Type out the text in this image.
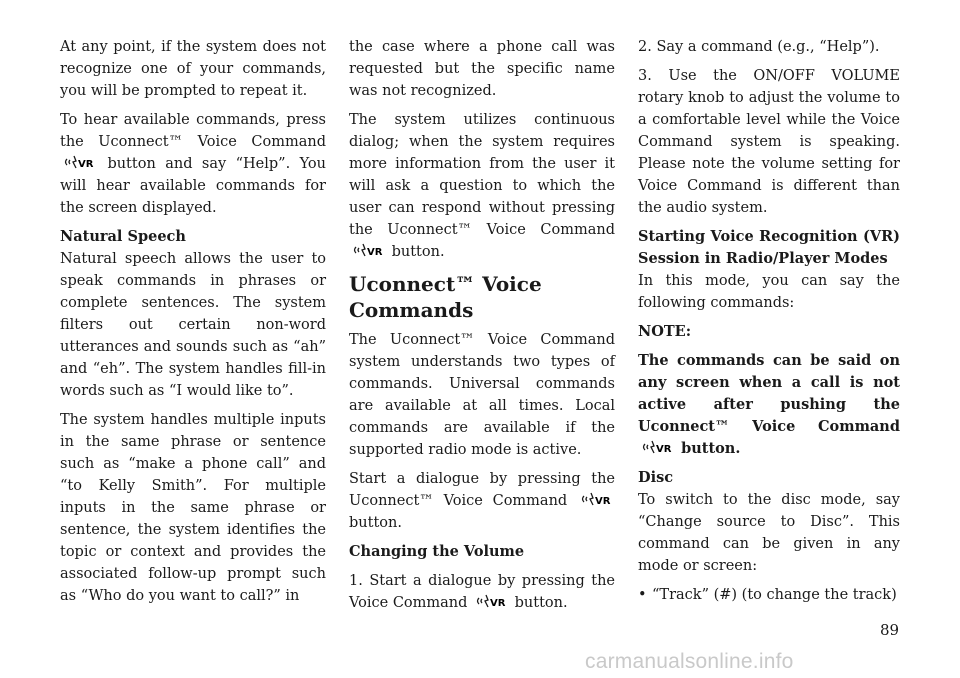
At any point, if the system does not recognize one of your commands, you will be prompted to repeat it.

To hear available commands, press the Uconnect™ Voice Command
VR button and say “Help”. You will hear available commands for the screen displayed.

Natural Speech

Natural speech allows the user to speak commands in phrases or complete sentences. The system filters out certain non-word utterances and sounds such as “ah” and “eh”. The system handles fill-in words such as “I would like to”.

The system handles multiple inputs in the same phrase or sentence such as “make a phone call” and “to Kelly Smith”. For multiple inputs in the same phrase or sentence, the system identifies the topic or context and provides the associated follow-up prompt such as “Who do you want to call?” in

the case where a phone call was requested but the specific name was not recognized.

The system utilizes continuous dialog; when the system requires more information from the user it will ask a question to which the user can respond without pressing the Uconnect™ Voice Command
VR button.

Uconnect™ Voice Commands

The Uconnect™ Voice Command system understands two types of commands. Universal commands are available at all times. Local commands are available if the supported radio mode is active.

Start a dialogue by pressing the Uconnect™ Voice Command	VR
button.

Changing the Volume

1. Start a dialogue by pressing the Voice Command VR button.

2. Say a command (e.g., “Help”).

3. Use the ON/OFF VOLUME rotary knob to adjust the volume to a comfortable level while the Voice Command system is speaking. Please note the volume setting for Voice Command is different than the audio system.

Starting Voice Recognition (VR) Session in Radio/Player Modes

In this mode, you can say the following commands:

NOTE:

The commands can be said on any screen when a call is not active after pushing the Uconnect™ Voice Command
VR button.

Disc

To switch to the disc mode, say “Change source to Disc”. This command can be given in any mode or screen:

• “Track” (#) (to change the track)

89
carmanualsonline.info
